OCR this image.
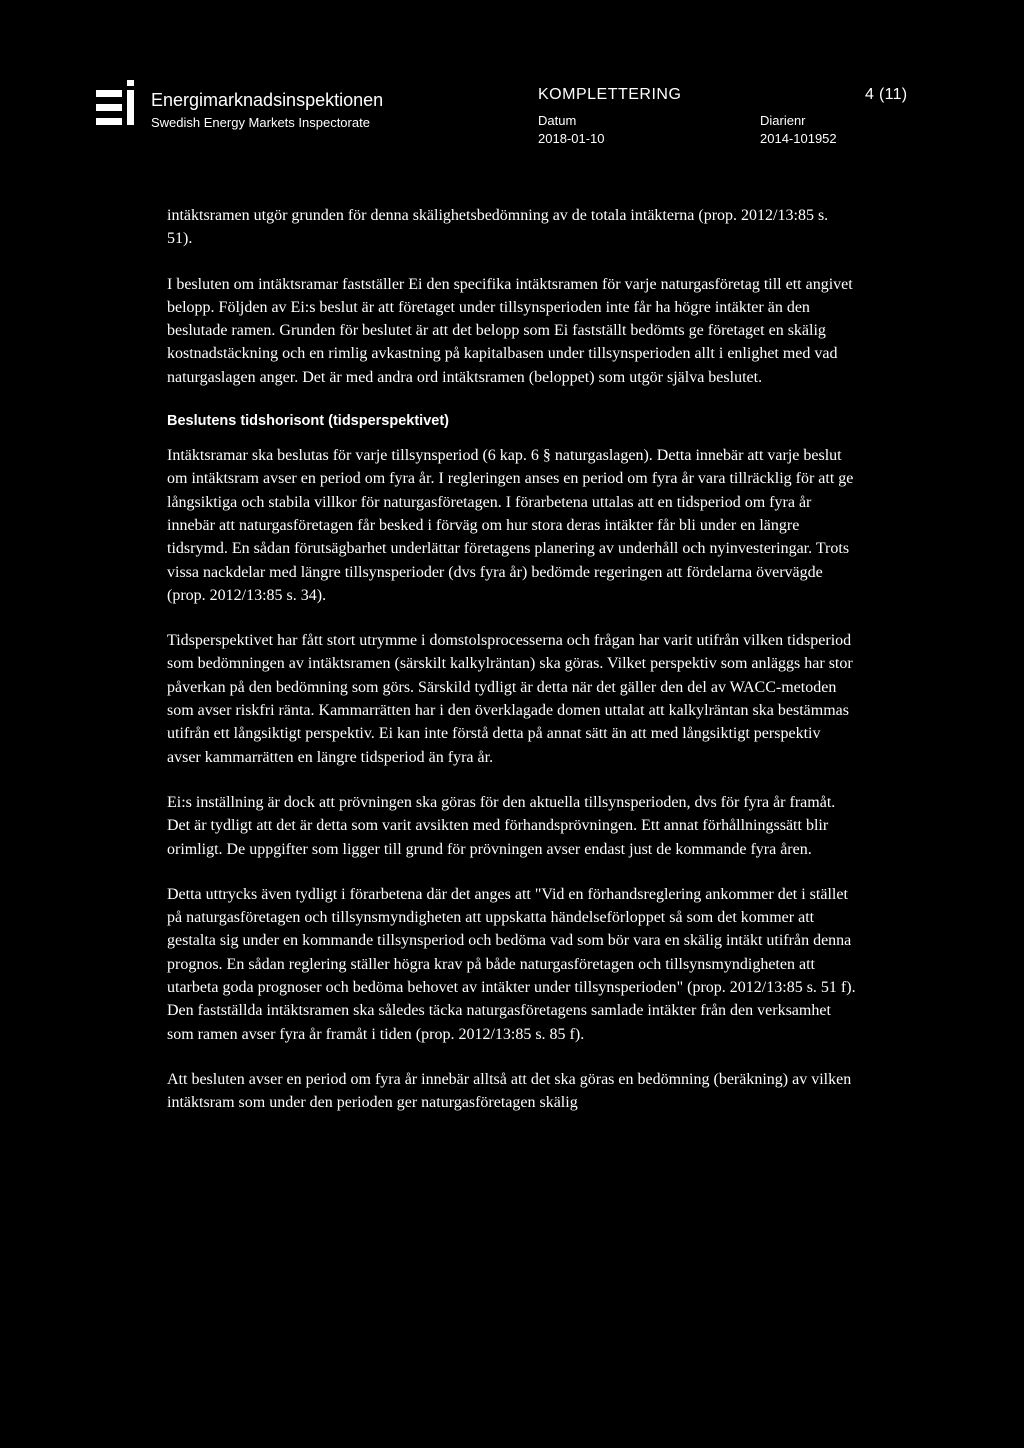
Energimarknadsinspektionen
Swedish Energy Markets Inspectorate
KOMPLETTERING	4 (11)
Datum
2018-01-10
Diarienr
2014-101952

intäktsramen utgör grunden för denna skälighetsbedömning av de totala intäkterna (prop. 2012/13:85 s. 51).

I besluten om intäktsramar fastställer Ei den specifika intäktsramen för varje naturgasföretag till ett angivet belopp. Följden av Ei:s beslut är att företaget under tillsynsperioden inte får ha högre intäkter än den beslutade ramen. Grunden för beslutet är att det belopp som Ei fastställt bedömts ge företaget en skälig kostnadstäckning och en rimlig avkastning på kapitalbasen under tillsynsperioden allt i enlighet med vad naturgaslagen anger. Det är med andra ord intäktsramen (beloppet) som utgör själva beslutet.

Beslutens tidshorisont (tidsperspektivet)

Intäktsramar ska beslutas för varje tillsynsperiod (6 kap. 6 § naturgaslagen). Detta innebär att varje beslut om intäktsram avser en period om fyra år. I regleringen anses en period om fyra år vara tillräcklig för att ge långsiktiga och stabila villkor för naturgasföretagen. I förarbetena uttalas att en tidsperiod om fyra år innebär att naturgasföretagen får besked i förväg om hur stora deras intäkter får bli under en längre tidsrymd. En sådan förutsägbarhet underlättar företagens planering av underhåll och nyinvesteringar. Trots vissa nackdelar med längre tillsynsperioder (dvs fyra år) bedömde regeringen att fördelarna övervägde (prop. 2012/13:85 s. 34).

Tidsperspektivet har fått stort utrymme i domstolsprocesserna och frågan har varit utifrån vilken tidsperiod som bedömningen av intäktsramen (särskilt kalkylräntan) ska göras. Vilket perspektiv som anläggs har stor påverkan på den bedömning som görs. Särskild tydligt är detta när det gäller den del av WACC-metoden som avser riskfri ränta. Kammarrätten har i den överklagade domen uttalat att kalkylräntan ska bestämmas utifrån ett långsiktigt perspektiv. Ei kan inte förstå detta på annat sätt än att med långsiktigt perspektiv avser kammarrätten en längre tidsperiod än fyra år.

Ei:s inställning är dock att prövningen ska göras för den aktuella tillsynsperioden, dvs för fyra år framåt. Det är tydligt att det är detta som varit avsikten med förhandsprövningen. Ett annat förhållningssätt blir orimligt. De uppgifter som ligger till grund för prövningen avser endast just de kommande fyra åren.

Detta uttrycks även tydligt i förarbetena där det anges att "Vid en förhandsreglering ankommer det i stället på naturgasföretagen och tillsynsmyndigheten att uppskatta händelseförloppet så som det kommer att gestalta sig under en kommande tillsynsperiod och bedöma vad som bör vara en skälig intäkt utifrån denna prognos. En sådan reglering ställer högra krav på både naturgasföretagen och tillsynsmyndigheten att utarbeta goda prognoser och bedöma behovet av intäkter under tillsynsperioden" (prop. 2012/13:85 s. 51 f). Den fastställda intäktsramen ska således täcka naturgasföretagens samlade intäkter från den verksamhet som ramen avser fyra år framåt i tiden (prop. 2012/13:85 s. 85 f).

Att besluten avser en period om fyra år innebär alltså att det ska göras en bedömning (beräkning) av vilken intäktsram som under den perioden ger naturgasföretagen skälig
